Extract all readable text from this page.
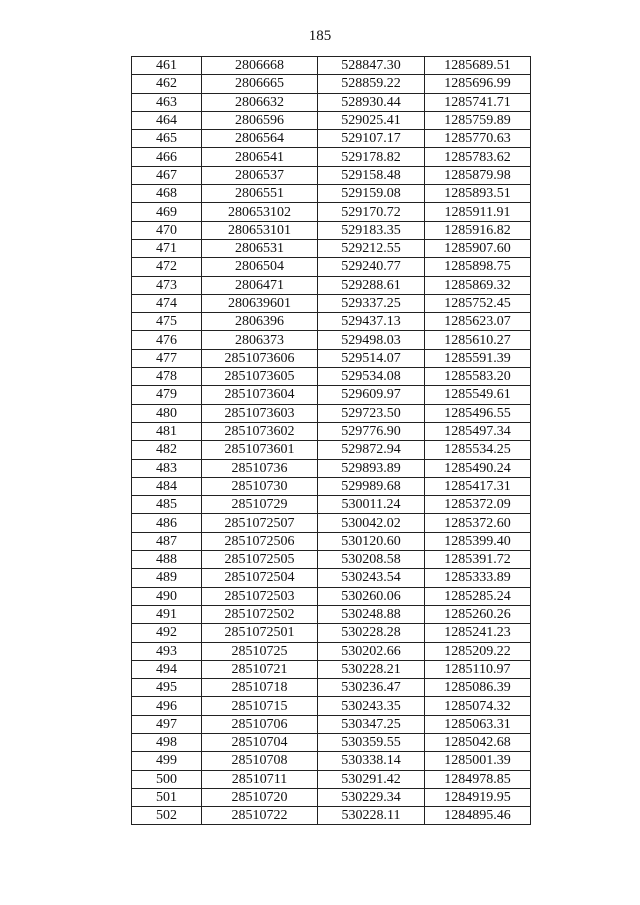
185
461	2806668	528847.30	1285689.51
462	2806665	528859.22	1285696.99
463	2806632	528930.44	1285741.71
464	2806596	529025.41	1285759.89
465	2806564	529107.17	1285770.63
466	2806541	529178.82	1285783.62
467	2806537	529158.48	1285879.98
468	2806551	529159.08	1285893.51
469	280653102	529170.72	1285911.91
470	280653101	529183.35	1285916.82
471	2806531	529212.55	1285907.60
472	2806504	529240.77	1285898.75
473	2806471	529288.61	1285869.32
474	280639601	529337.25	1285752.45
475	2806396	529437.13	1285623.07
476	2806373	529498.03	1285610.27
477	2851073606	529514.07	1285591.39
478	2851073605	529534.08	1285583.20
479	2851073604	529609.97	1285549.61
480	2851073603	529723.50	1285496.55
481	2851073602	529776.90	1285497.34
482	2851073601	529872.94	1285534.25
483	28510736	529893.89	1285490.24
484	28510730	529989.68	1285417.31
485	28510729	530011.24	1285372.09
486	2851072507	530042.02	1285372.60
487	2851072506	530120.60	1285399.40
488	2851072505	530208.58	1285391.72
489	2851072504	530243.54	1285333.89
490	2851072503	530260.06	1285285.24
491	2851072502	530248.88	1285260.26
492	2851072501	530228.28	1285241.23
493	28510725	530202.66	1285209.22
494	28510721	530228.21	1285110.97
495	28510718	530236.47	1285086.39
496	28510715	530243.35	1285074.32
497	28510706	530347.25	1285063.31
498	28510704	530359.55	1285042.68
499	28510708	530338.14	1285001.39
500	28510711	530291.42	1284978.85
501	28510720	530229.34	1284919.95
502	28510722	530228.11	1284895.46
